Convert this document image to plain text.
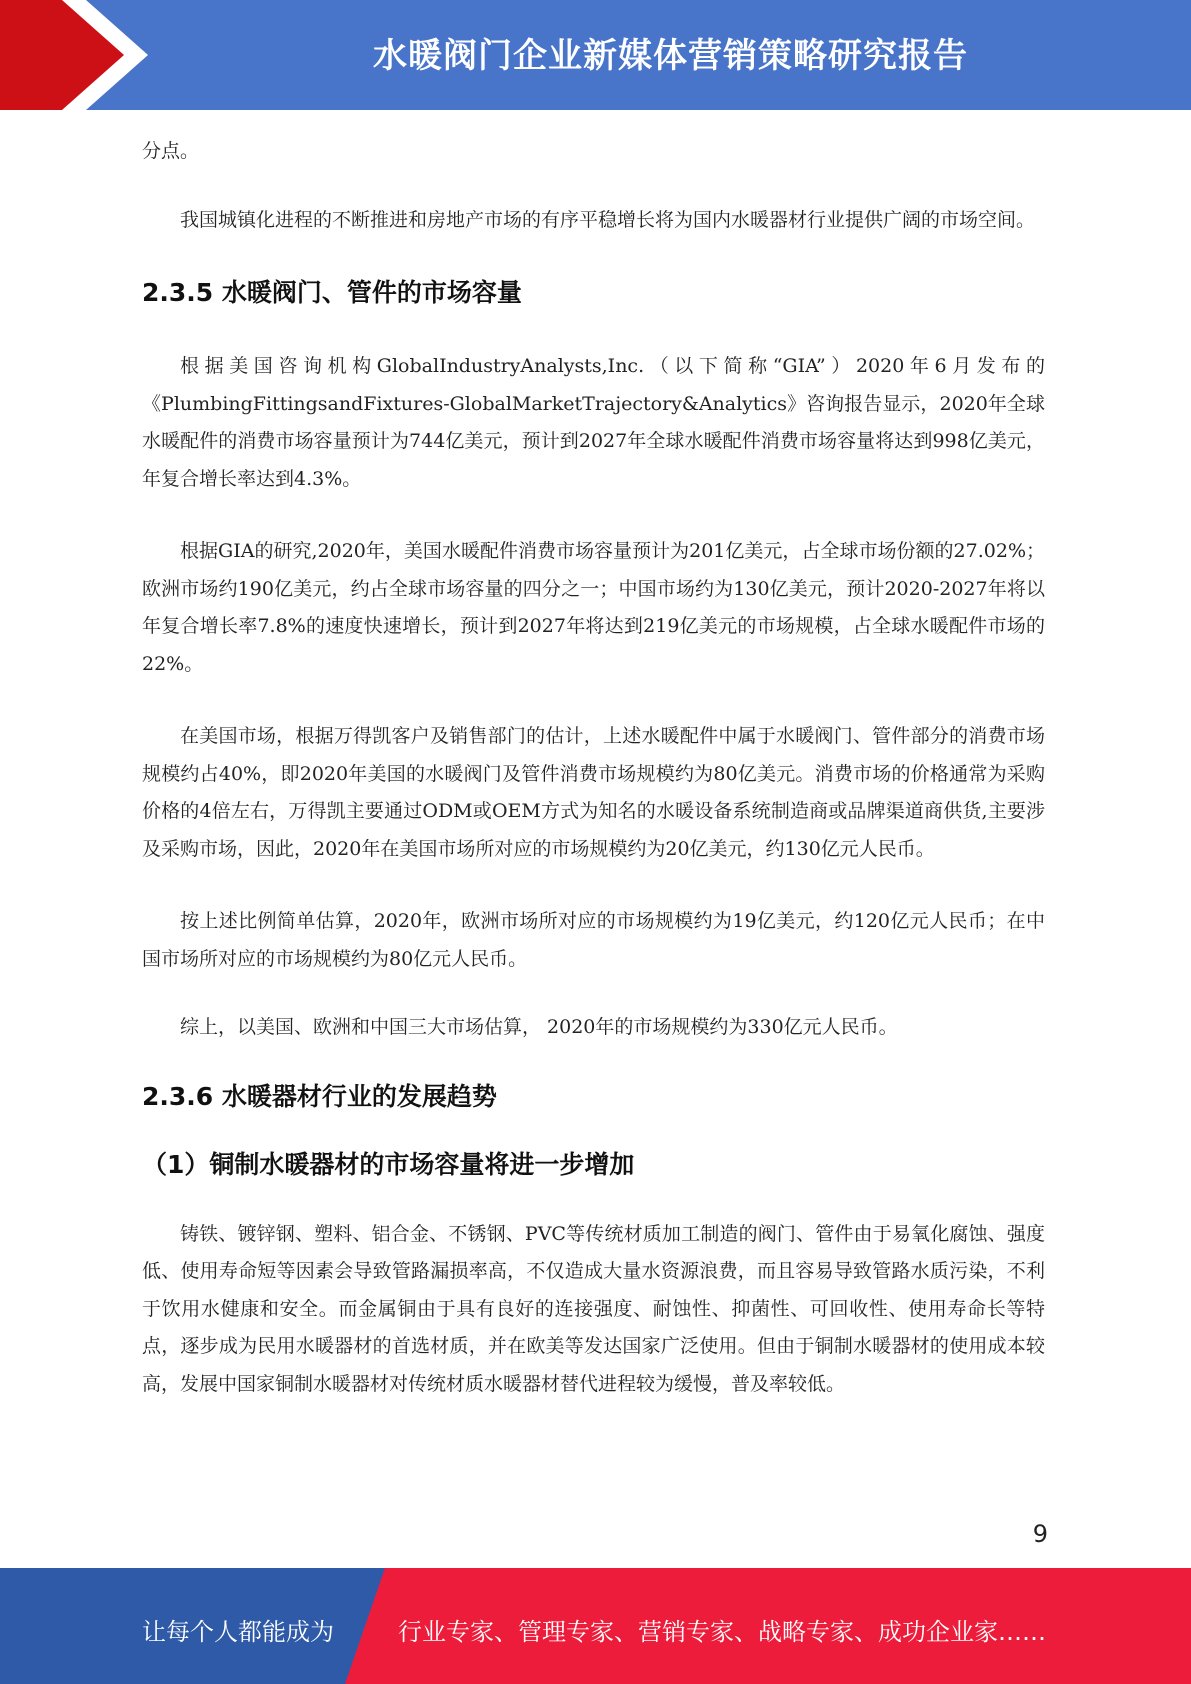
水暖阀门企业新媒体营销策略研究报告

分点。

我国城镇化进程的不断推进和房地产市场的有序平稳增长将为国内水暖器材行业提供广阔的市场空间。

2.3.5 水暖阀门、管件的市场容量

根据美国咨询机构GlobalIndustryAnalysts,Inc.（以下简称“GIA”）2020年6月发布的《PlumbingFittingsandFixtures-GlobalMarketTrajectory&Analytics》咨询报告显示，2020年全球水暖配件的消费市场容量预计为744亿美元，预计到2027年全球水暖配件消费市场容量将达到998亿美元，年复合增长率达到4.3%。

根据GIA的研究,2020年，美国水暖配件消费市场容量预计为201亿美元，占全球市场份额的27.02%；欧洲市场约190亿美元，约占全球市场容量的四分之一；中国市场约为130亿美元，预计2020-2027年将以年复合增长率7.8%的速度快速增长，预计到2027年将达到219亿美元的市场规模，占全球水暖配件市场的22%。

在美国市场，根据万得凯客户及销售部门的估计，上述水暖配件中属于水暖阀门、管件部分的消费市场规模约占40%，即2020年美国的水暖阀门及管件消费市场规模约为80亿美元。消费市场的价格通常为采购价格的4倍左右，万得凯主要通过ODM或OEM方式为知名的水暖设备系统制造商或品牌渠道商供货,主要涉及采购市场，因此，2020年在美国市场所对应的市场规模约为20亿美元，约130亿元人民币。

按上述比例简单估算，2020年，欧洲市场所对应的市场规模约为19亿美元，约120亿元人民币；在中国市场所对应的市场规模约为80亿元人民币。

综上，以美国、欧洲和中国三大市场估算， 2020年的市场规模约为330亿元人民币。

2.3.6 水暖器材行业的发展趋势
（1）铜制水暖器材的市场容量将进一步增加

铸铁、镀锌钢、塑料、铝合金、不锈钢、PVC等传统材质加工制造的阀门、管件由于易氧化腐蚀、强度低、使用寿命短等因素会导致管路漏损率高，不仅造成大量水资源浪费，而且容易导致管路水质污染，不利于饮用水健康和安全。而金属铜由于具有良好的连接强度、耐蚀性、抑菌性、可回收性、使用寿命长等特点，逐步成为民用水暖器材的首选材质，并在欧美等发达国家广泛使用。但由于铜制水暖器材的使用成本较高，发展中国家铜制水暖器材对传统材质水暖器材替代进程较为缓慢，普及率较低。

9
让每个人都能成为	行业专家、管理专家、营销专家、战略专家、成功企业家……
